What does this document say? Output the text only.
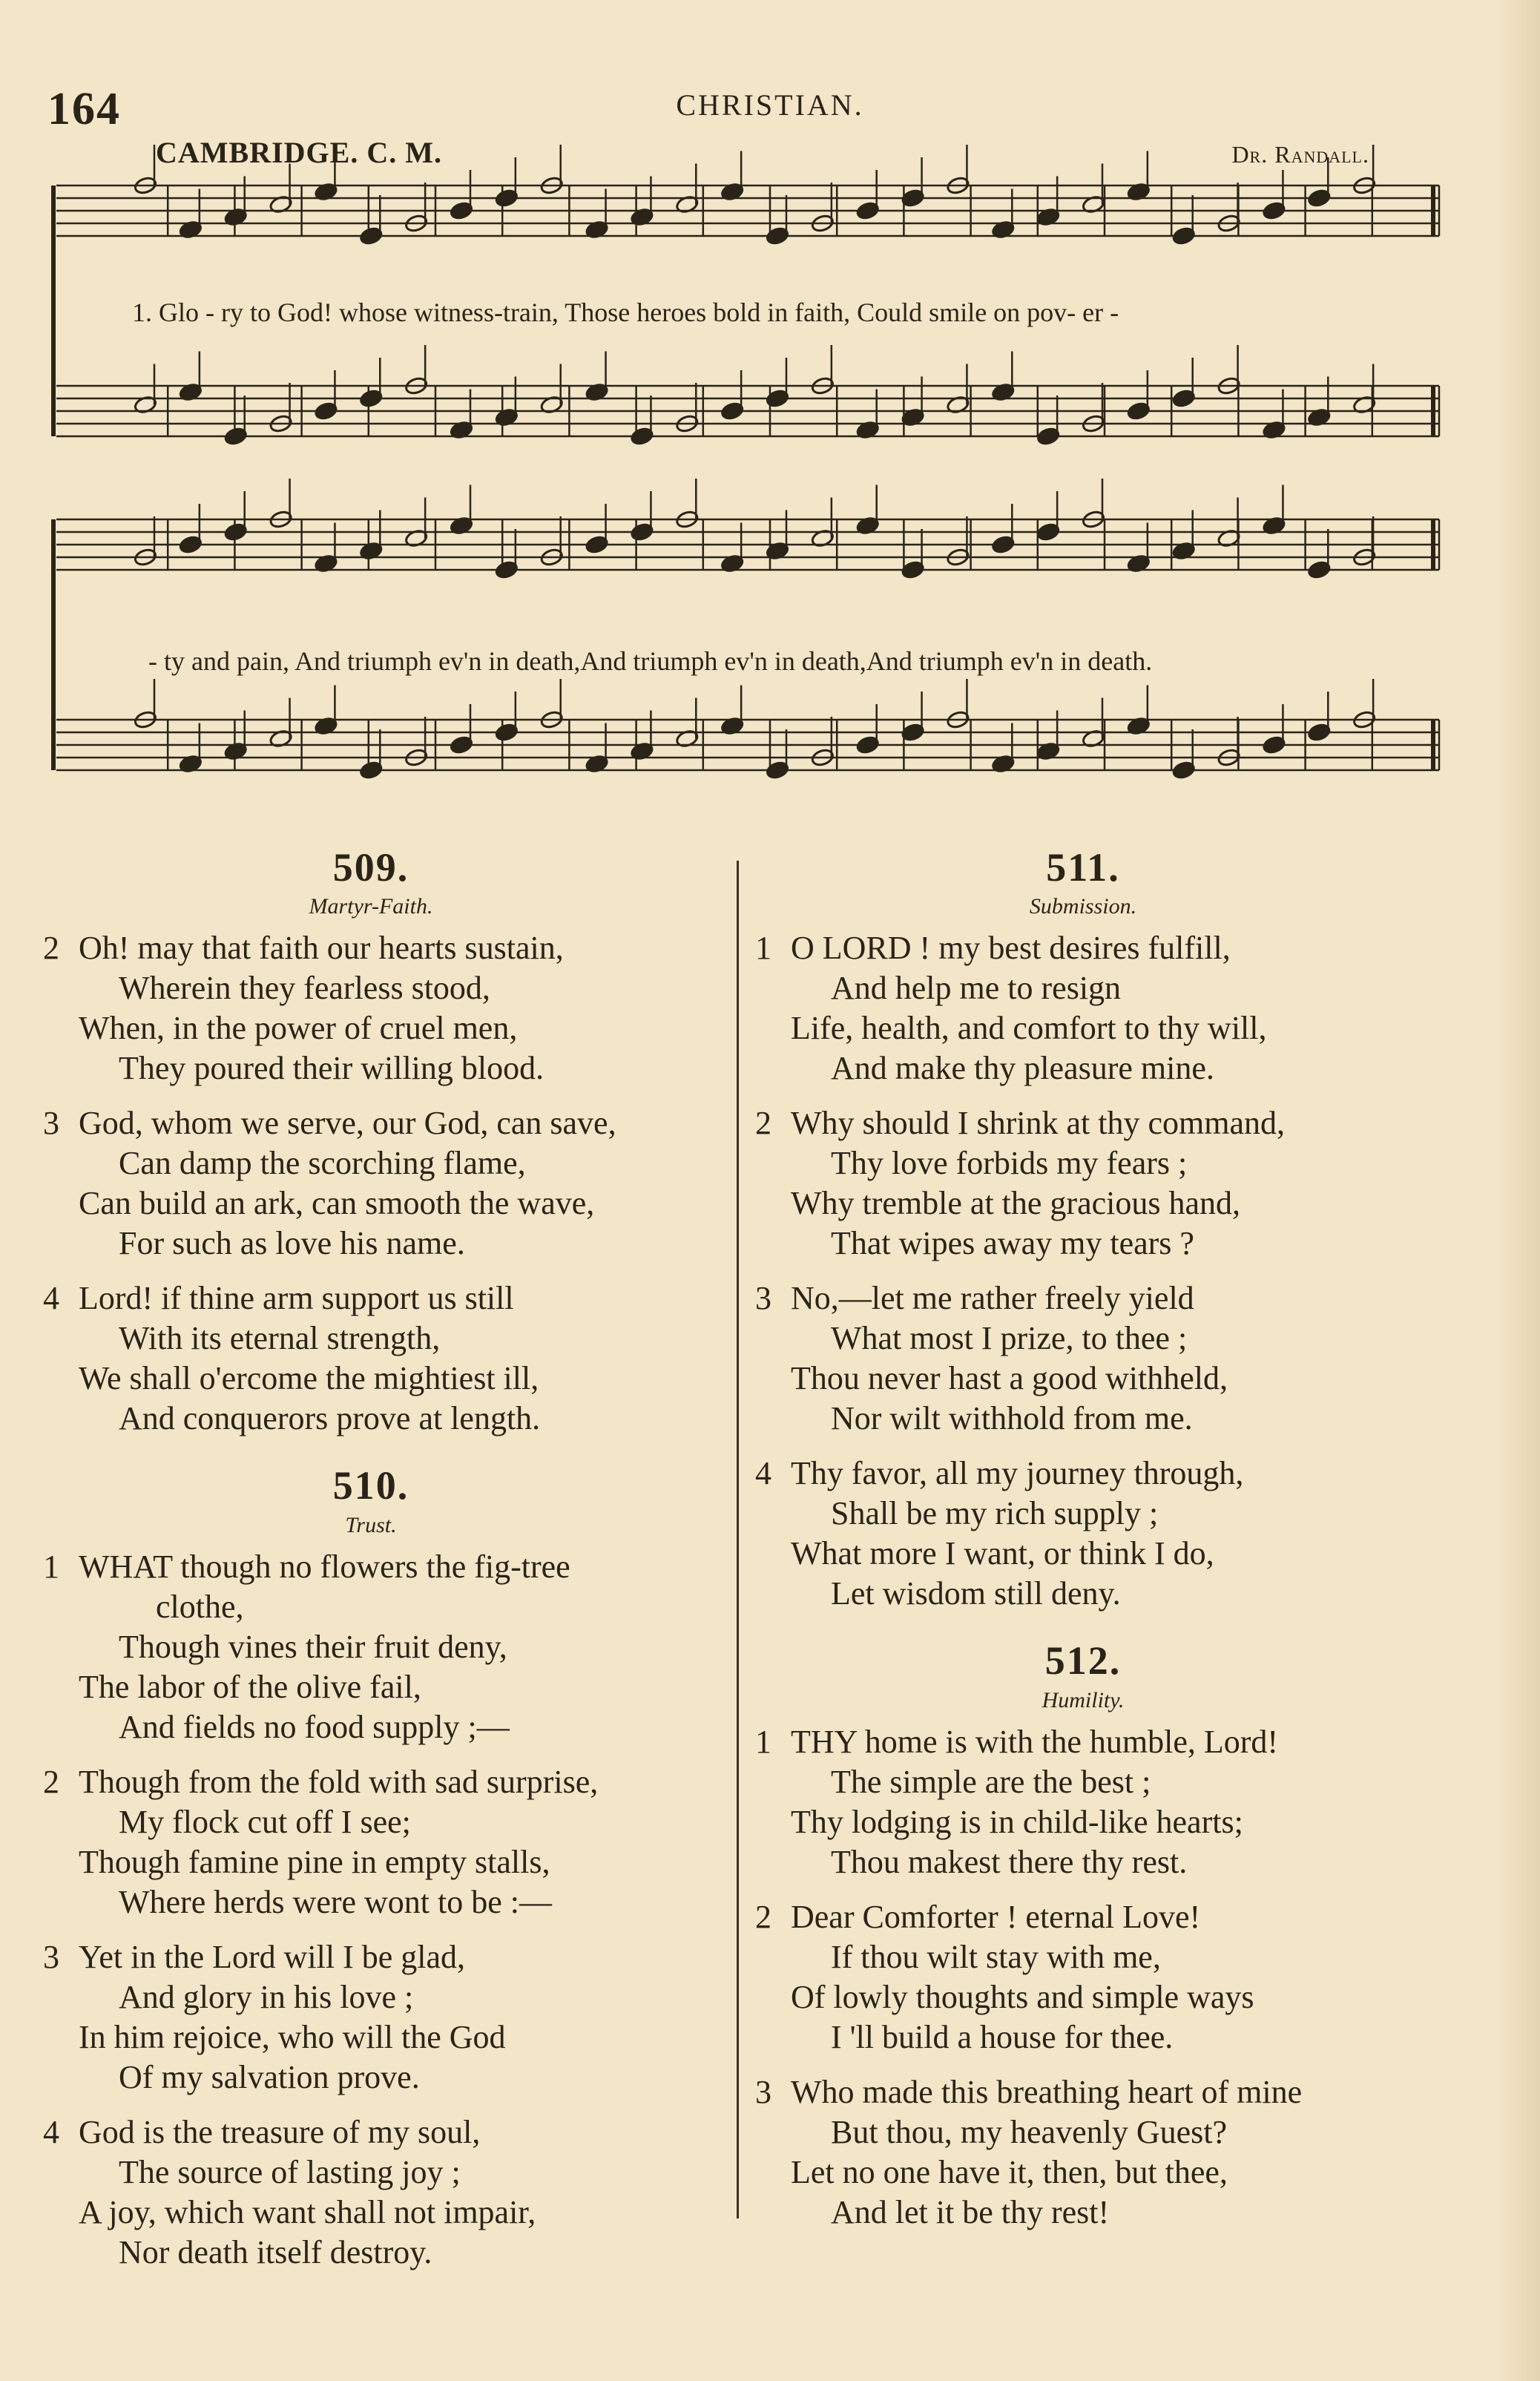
164	CHRISTIAN.
CAMBRIDGE. C. M.	Dr. Randall.
1. Glo - ry to God! whose witness-train, Those heroes bold in faith, Could smile on pov- er -
- ty and pain, And triumph ev'n in death,And triumph ev'n in death,And triumph ev'n in death.
509.
Martyr-Faith.
2 Oh! may that faith our hearts sustain,
Wherein they fearless stood,
When, in the power of cruel men,
They poured their willing blood.
3 God, whom we serve, our God, can save,
Can damp the scorching flame,
Can build an ark, can smooth the wave,
For such as love his name.
4 Lord! if thine arm support us still
With its eternal strength,
We shall o'ercome the mightiest ill,
And conquerors prove at length.
510.
Trust.
1 WHAT though no flowers the fig-tree
clothe,
Though vines their fruit deny,
The labor of the olive fail,
And fields no food supply ;—
2 Though from the fold with sad surprise,
My flock cut off I see;
Though famine pine in empty stalls,
Where herds were wont to be :—
3 Yet in the Lord will I be glad,
And glory in his love ;
In him rejoice, who will the God
Of my salvation prove.
4 God is the treasure of my soul,
The source of lasting joy ;
A joy, which want shall not impair,
Nor death itself destroy.
511.
Submission.
1 O LORD ! my best desires fulfill,
And help me to resign
Life, health, and comfort to thy will,
And make thy pleasure mine.
2 Why should I shrink at thy command,
Thy love forbids my fears ;
Why tremble at the gracious hand,
That wipes away my tears ?
3 No,—let me rather freely yield
What most I prize, to thee ;
Thou never hast a good withheld,
Nor wilt withhold from me.
4 Thy favor, all my journey through,
Shall be my rich supply ;
What more I want, or think I do,
Let wisdom still deny.
512.
Humility.
1 THY home is with the humble, Lord!
The simple are the best ;
Thy lodging is in child-like hearts;
Thou makest there thy rest.
2 Dear Comforter ! eternal Love!
If thou wilt stay with me,
Of lowly thoughts and simple ways
I 'll build a house for thee.
3 Who made this breathing heart of mine
But thou, my heavenly Guest?
Let no one have it, then, but thee,
And let it be thy rest!
